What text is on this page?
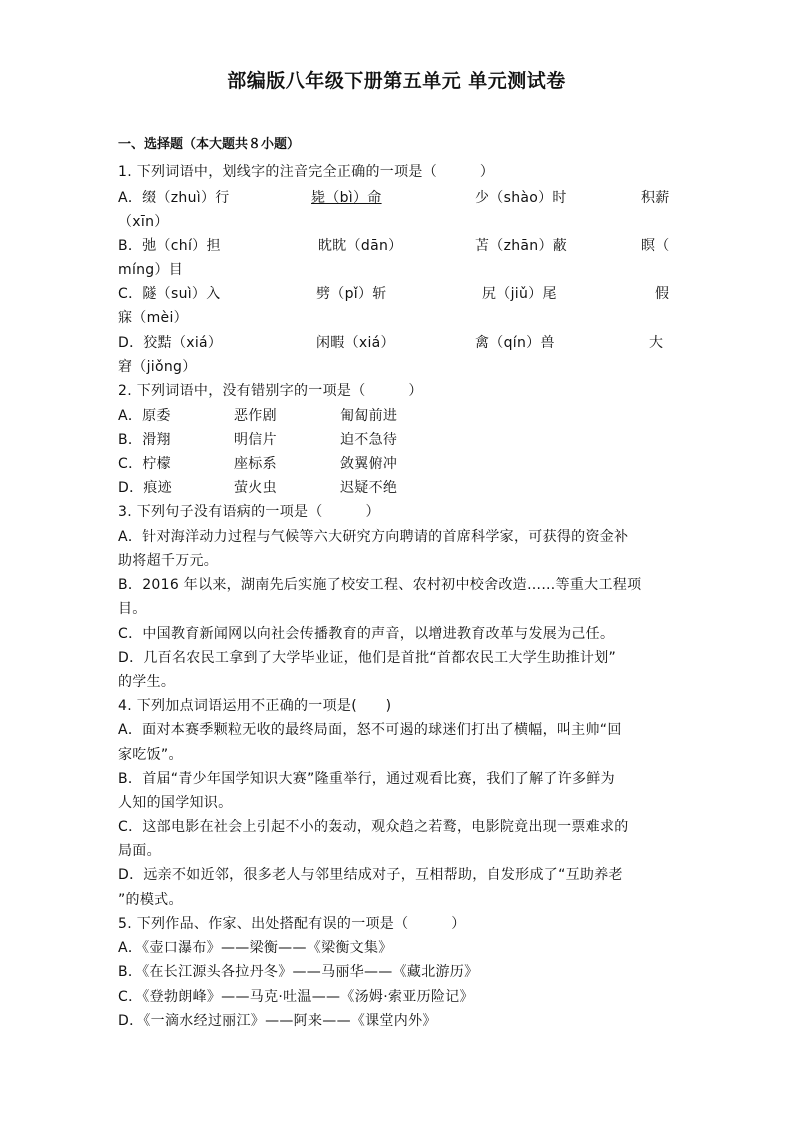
部编版八年级下册第五单元 单元测试卷
一、选择题（本大题共８小题）
1. 下列词语中，划线字的注音完全正确的一项是（　　　）
A．缀（zhuì）行	毙（bì）命	少（shào）时	积薪
（xīn）
B．弛（chí）担	眈眈（dān）	苫（zhān）蔽	瞑（
míng）目
C．隧（suì）入	劈（pǐ）斩	尻（jiǔ）尾	假
寐（mèi）
D．狡黠（xiá）	闲暇（xiá）	禽（qín）兽	大
窘（jiǒng）
2. 下列词语中，没有错别字的一项是（　　　）
A．原委	恶作剧	匍匐前进
B．滑翔	明信片	迫不急待
C．柠檬	座标系	敛翼俯冲
D．痕迹	萤火虫	迟疑不绝
3. 下列句子没有语病的一项是（　　　）
A．针对海洋动力过程与气候等六大研究方向聘请的首席科学家，可获得的资金补
助将超千万元。
B．2016 年以来，湖南先后实施了校安工程、农村初中校舍改造……等重大工程项
目。
C．中国教育新闻网以向社会传播教育的声音，以增进教育改革与发展为己任。
D．几百名农民工拿到了大学毕业证，他们是首批“首都农民工大学生助推计划”
的学生。
4. 下列加点词语运用不正确的一项是(　　)
A．面对本赛季颗粒无收的最终局面，怒不可遏的球迷们打出了横幅，叫主帅“回
家吃饭”。
B．首届“青少年国学知识大赛”隆重举行，通过观看比赛，我们了解了许多鲜为
人知的国学知识。
C．这部电影在社会上引起不小的轰动，观众趋之若鹜，电影院竟出现一票难求的
局面。
D．远亲不如近邻，很多老人与邻里结成对子，互相帮助，自发形成了“互助养老
”的模式。
5. 下列作品、作家、出处搭配有误的一项是（　　　）
A．《壶口瀑布》——梁衡——《梁衡文集》
B．《在长江源头各拉丹冬》——马丽华——《藏北游历》
C．《登勃朗峰》——马克·吐温——《汤姆·索亚历险记》
D．《一滴水经过丽江》——阿来——《课堂内外》
